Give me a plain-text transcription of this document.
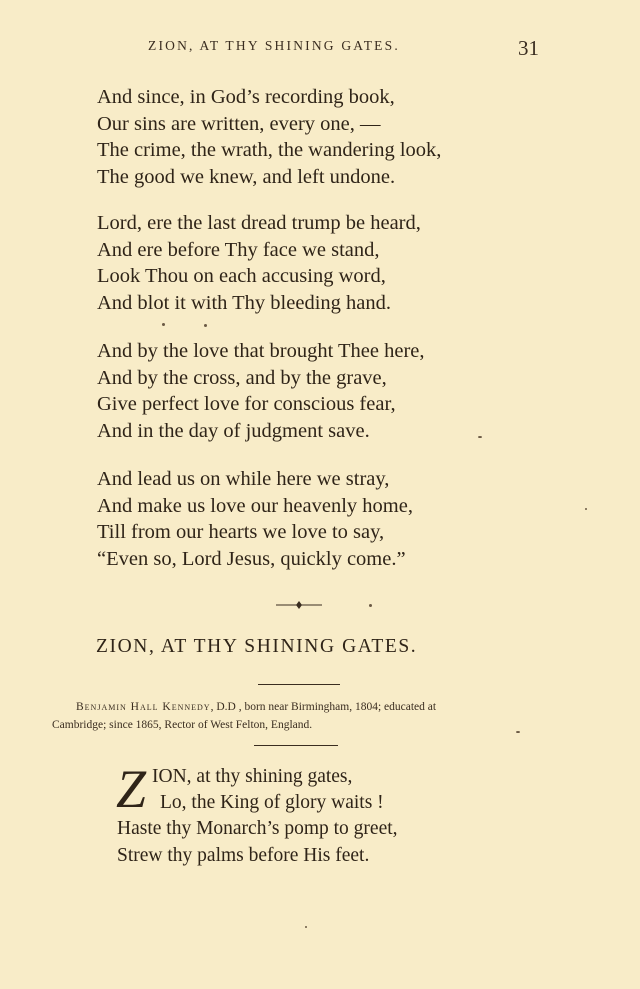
ZION, AT THY SHINING GATES.	31
And since, in God’s recording book,
Our sins are written, every one, —
The crime, the wrath, the wandering look,
The good we knew, and left undone.
Lord, ere the last dread trump be heard,
And ere before Thy face we stand,
Look Thou on each accusing word,
And blot it with Thy bleeding hand.
And by the love that brought Thee here,
And by the cross, and by the grave,
Give perfect love for conscious fear,
And in the day of judgment save.
And lead us on while here we stray,
And make us love our heavenly home,
Till from our hearts we love to say,
“Even so, Lord Jesus, quickly come.”
ZION, AT THY SHINING GATES.
Benjamin Hall Kennedy, D.D , born near Birmingham, 1804; educated at
Cambridge; since 1865, Rector of West Felton, England.
Z ION, at thy shining gates,
Lo, the King of glory waits !
Haste thy Monarch’s pomp to greet,
Strew thy palms before His feet.
